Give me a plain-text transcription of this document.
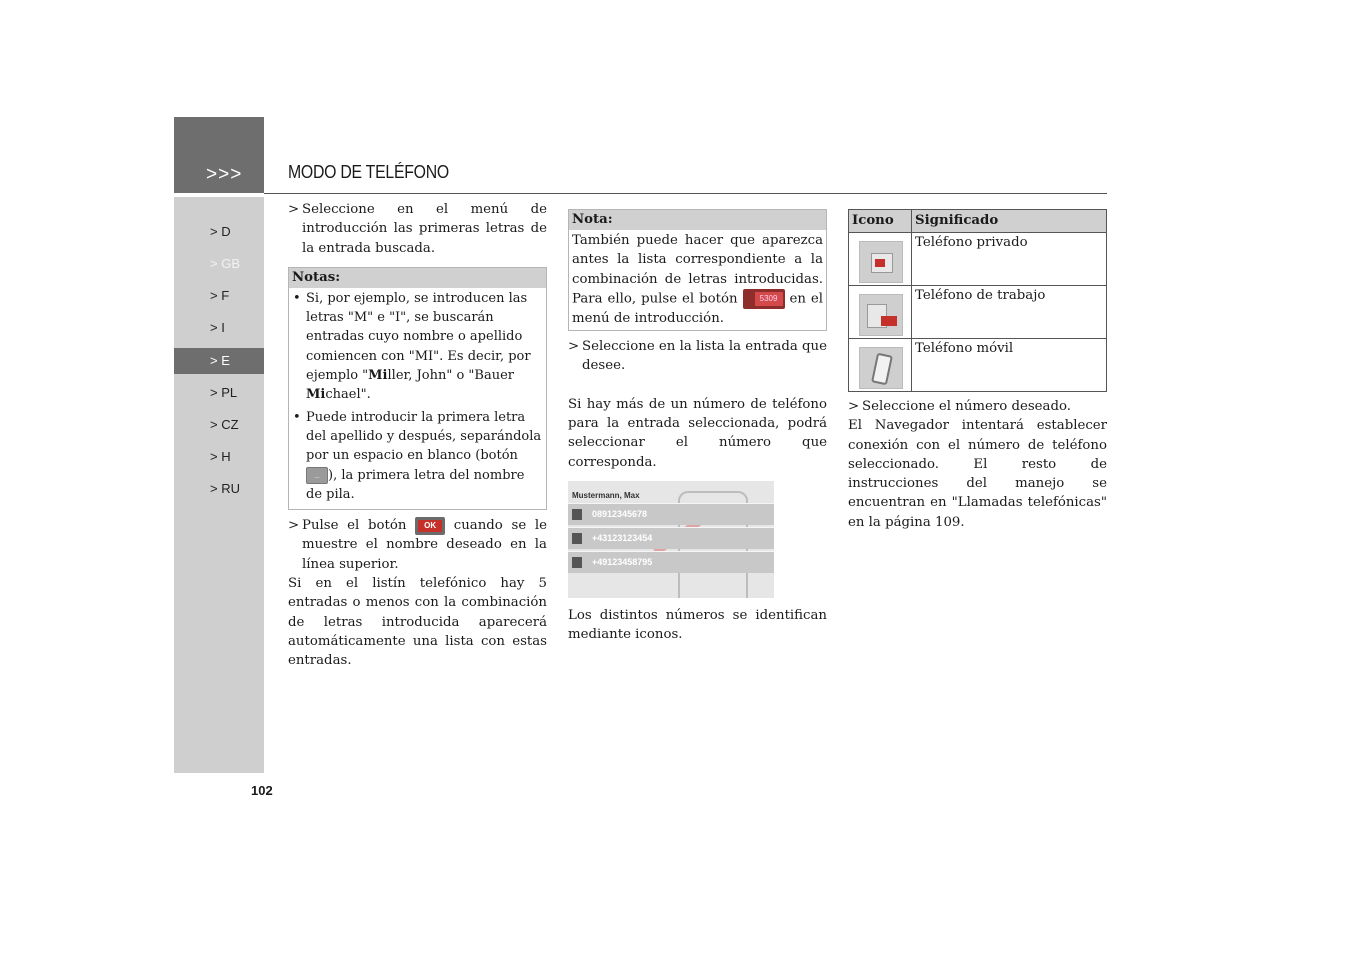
>>>	MODO DE TELÉFONO
> D
> GB
> F
> I
> E
> PL
> CZ
> H
> RU
102
> Seleccione en el menú de introducción las primeras letras de la entrada buscada.
Notas:
• Si, por ejemplo, se introducen las letras "M" e "I", se buscarán entradas cuyo nombre o apellido comiencen con "MI". Es decir, por ejemplo "Miller, John" o "Bauer Michael".
• Puede introducir la primera letra del apellido y después, separándola por un espacio en blanco (botón
_ ), la primera letra del nombre de pila.
> Pulse el botón	OK	cuando se le muestre el nombre deseado en la línea superior.
Si en el listín telefónico hay 5 entradas o menos con la combinación de letras introducida aparecerá automáticamente una lista con estas entradas.
Nota:
También puede hacer que aparezca antes la lista correspondiente a la combinación de letras introducidas. Para ello, pulse el botón	5309 en el menú de introducción.
> Seleccione en la lista la entrada que desee.
Si hay más de un número de teléfono para la entrada seleccionada, podrá seleccionar el número que corresponda.
Mustermann, Max
08912345678
+43123123454
+49123458795
Los distintos números se identifican mediante iconos.
Icono	Significado

	Teléfono privado

	Teléfono de trabajo

	Teléfono móvil
> Seleccione el número deseado.
El Navegador intentará establecer conexión con el número de teléfono seleccionado. El resto de instrucciones del manejo se encuentran en "Llamadas telefónicas" en la página 109.
